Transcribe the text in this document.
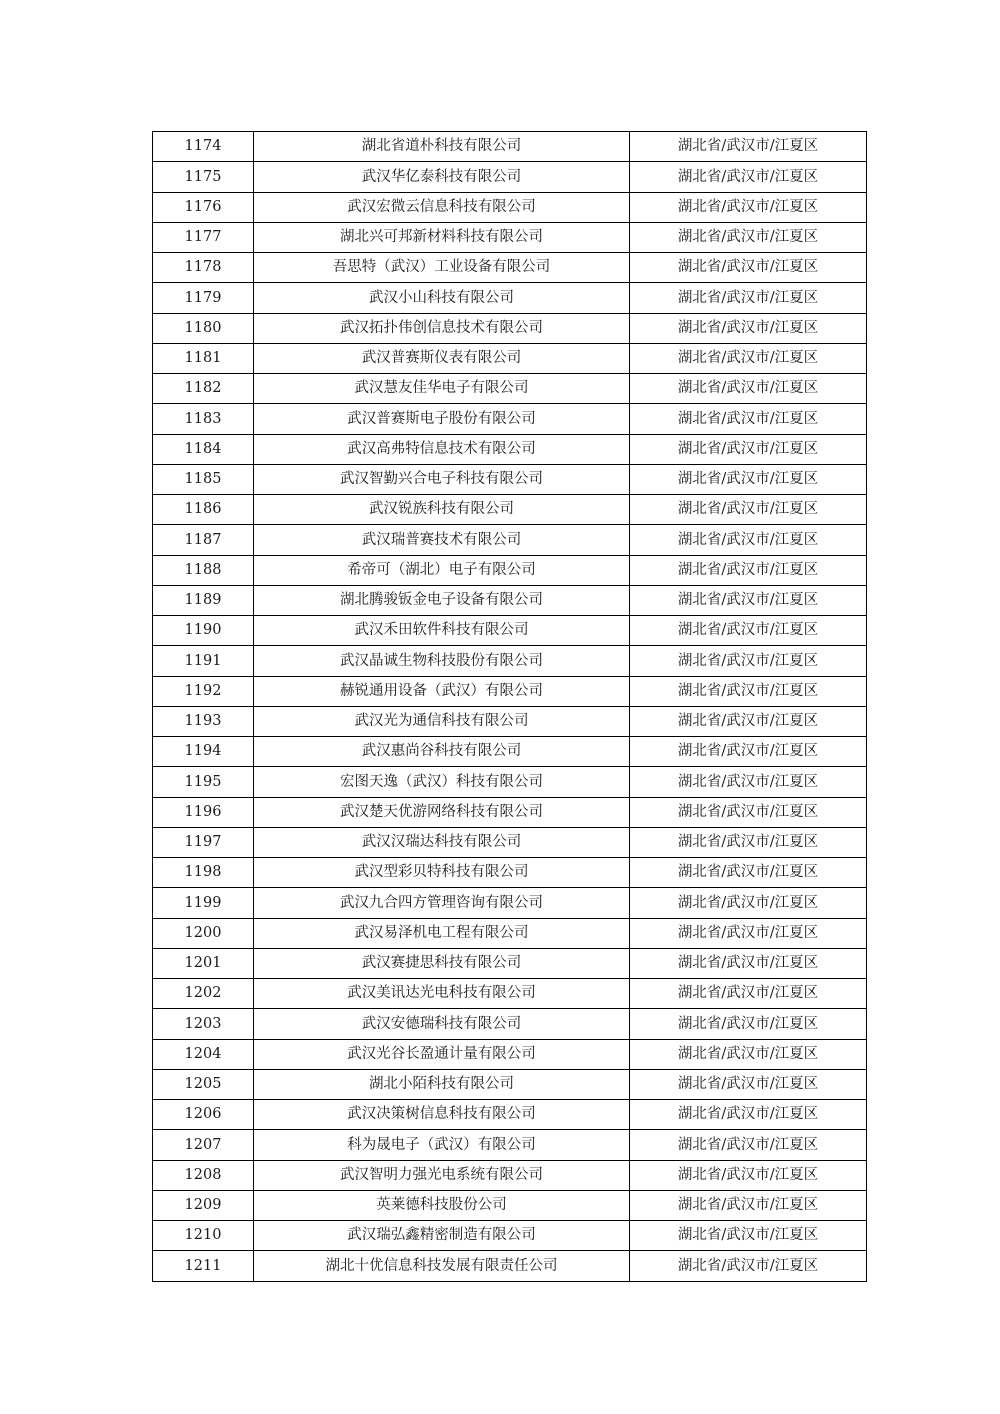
1174	湖北省道朴科技有限公司	湖北省/武汉市/江夏区
1175	武汉华亿泰科技有限公司	湖北省/武汉市/江夏区
1176	武汉宏微云信息科技有限公司	湖北省/武汉市/江夏区
1177	湖北兴可邦新材料科技有限公司	湖北省/武汉市/江夏区
1178	吾思特（武汉）工业设备有限公司	湖北省/武汉市/江夏区
1179	武汉小山科技有限公司	湖北省/武汉市/江夏区
1180	武汉拓扑伟创信息技术有限公司	湖北省/武汉市/江夏区
1181	武汉普赛斯仪表有限公司	湖北省/武汉市/江夏区
1182	武汉慧友佳华电子有限公司	湖北省/武汉市/江夏区
1183	武汉普赛斯电子股份有限公司	湖北省/武汉市/江夏区
1184	武汉高弗特信息技术有限公司	湖北省/武汉市/江夏区
1185	武汉智勤兴合电子科技有限公司	湖北省/武汉市/江夏区
1186	武汉锐族科技有限公司	湖北省/武汉市/江夏区
1187	武汉瑞普赛技术有限公司	湖北省/武汉市/江夏区
1188	希帝可（湖北）电子有限公司	湖北省/武汉市/江夏区
1189	湖北腾骏钣金电子设备有限公司	湖北省/武汉市/江夏区
1190	武汉禾田软件科技有限公司	湖北省/武汉市/江夏区
1191	武汉晶诚生物科技股份有限公司	湖北省/武汉市/江夏区
1192	赫锐通用设备（武汉）有限公司	湖北省/武汉市/江夏区
1193	武汉光为通信科技有限公司	湖北省/武汉市/江夏区
1194	武汉惠尚谷科技有限公司	湖北省/武汉市/江夏区
1195	宏图天逸（武汉）科技有限公司	湖北省/武汉市/江夏区
1196	武汉楚天优游网络科技有限公司	湖北省/武汉市/江夏区
1197	武汉汉瑞达科技有限公司	湖北省/武汉市/江夏区
1198	武汉型彩贝特科技有限公司	湖北省/武汉市/江夏区
1199	武汉九合四方管理咨询有限公司	湖北省/武汉市/江夏区
1200	武汉易泽机电工程有限公司	湖北省/武汉市/江夏区
1201	武汉赛捷思科技有限公司	湖北省/武汉市/江夏区
1202	武汉美讯达光电科技有限公司	湖北省/武汉市/江夏区
1203	武汉安德瑞科技有限公司	湖北省/武汉市/江夏区
1204	武汉光谷长盈通计量有限公司	湖北省/武汉市/江夏区
1205	湖北小陌科技有限公司	湖北省/武汉市/江夏区
1206	武汉决策树信息科技有限公司	湖北省/武汉市/江夏区
1207	科为晟电子（武汉）有限公司	湖北省/武汉市/江夏区
1208	武汉智明力强光电系统有限公司	湖北省/武汉市/江夏区
1209	英莱德科技股份公司	湖北省/武汉市/江夏区
1210	武汉瑞弘鑫精密制造有限公司	湖北省/武汉市/江夏区
1211	湖北十优信息科技发展有限责任公司	湖北省/武汉市/江夏区
